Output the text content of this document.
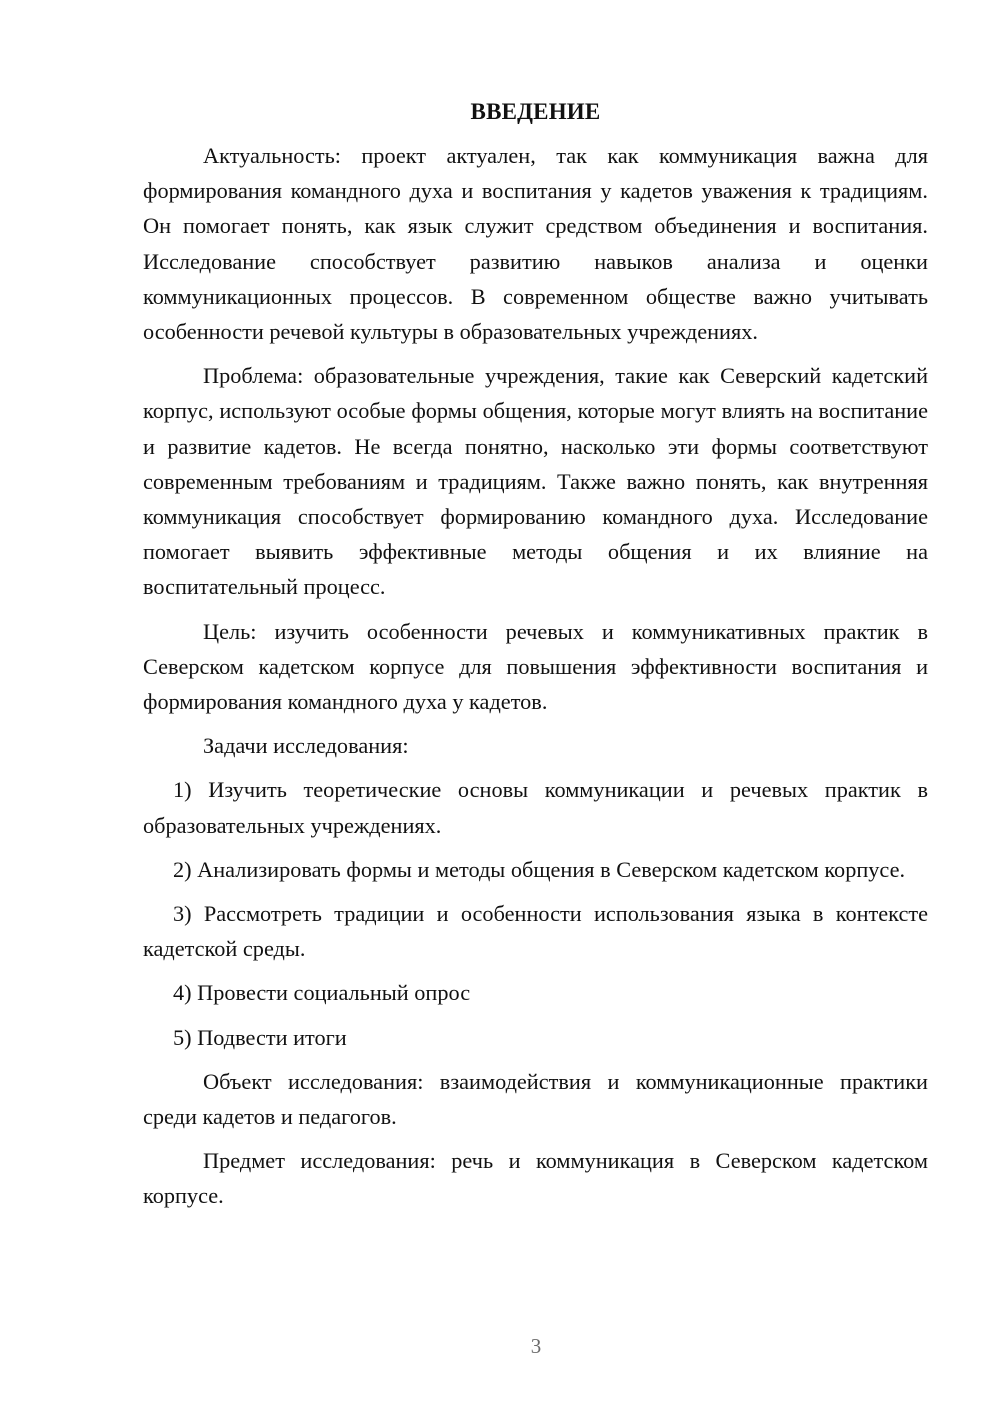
ВВЕДЕНИЕ

Актуальность: проект актуален, так как коммуникация важна для формирования командного духа и воспитания у кадетов уважения к традициям. Он помогает понять, как язык служит средством объединения и воспитания. Исследование способствует развитию навыков анализа и оценки коммуникационных процессов. В современном обществе важно учитывать особенности речевой культуры в образовательных учреждениях.

Проблема: образовательные учреждения, такие как Северский кадетский корпус, используют особые формы общения, которые могут влиять на воспитание и развитие кадетов. Не всегда понятно, насколько эти формы соответствуют современным требованиям и традициям. Также важно понять, как внутренняя коммуникация способствует формированию командного духа. Исследование помогает выявить эффективные методы общения и их влияние на воспитательный процесс.

Цель: изучить особенности речевых и коммуникативных практик в Северском кадетском корпусе для повышения эффективности воспитания и формирования командного духа у кадетов.

Задачи исследования:

1) Изучить теоретические основы коммуникации и речевых практик в образовательных учреждениях.

2) Анализировать формы и методы общения в Северском кадетском корпусе.

3) Рассмотреть традиции и особенности использования языка в контексте кадетской среды.

4) Провести социальный опрос

5) Подвести итоги

Объект исследования: взаимодействия и коммуникационные практики среди кадетов и педагогов.

Предмет исследования: речь и коммуникация в Северском кадетском корпусе.

3
